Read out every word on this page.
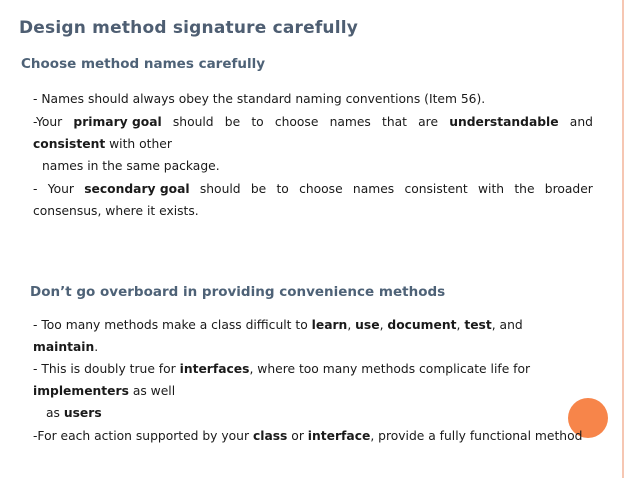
Design method signature carefully
Choose method names carefully

- Names should always obey the standard naming conventions (Item 56).

-Your primary goal should be to choose names that are understandable and

consistent with other

names in the same package.

- Your secondary goal should be to choose names consistent with the broader

consensus, where it exists.

Don’t go overboard in providing convenience methods

- Too many methods make a class difficult to learn, use, document, test, and

maintain.

- This is doubly true for interfaces, where too many methods complicate life for

implementers as well

as users

-For each action supported by your class or interface, provide a fully functional method
